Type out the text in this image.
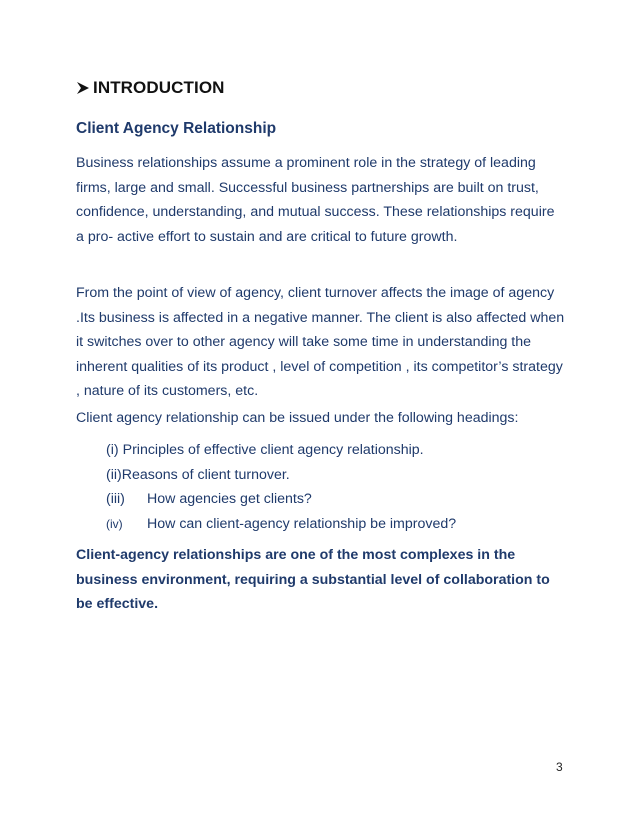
INTRODUCTION
Client Agency Relationship
Business relationships assume a prominent role in the strategy of leading firms, large and small. Successful business partnerships are built on trust, confidence, understanding, and mutual success. These relationships require a pro- active effort to sustain and are critical to future growth.
From the point of view of agency, client turnover affects the image of agency .Its business is affected in a negative manner. The client is also affected when it switches over to other agency will take some time in understanding the inherent qualities of its product , level of competition , its competitor’s strategy , nature of its customers, etc.
Client agency relationship can be issued under the following headings:
(i) Principles of effective client agency relationship.
(ii) Reasons of client turnover.
(iii)	How agencies get clients?
(iv)	How can client-agency relationship be improved?
Client-agency relationships are one of the most complexes in the business environment, requiring a substantial level of collaboration to be effective.
3
